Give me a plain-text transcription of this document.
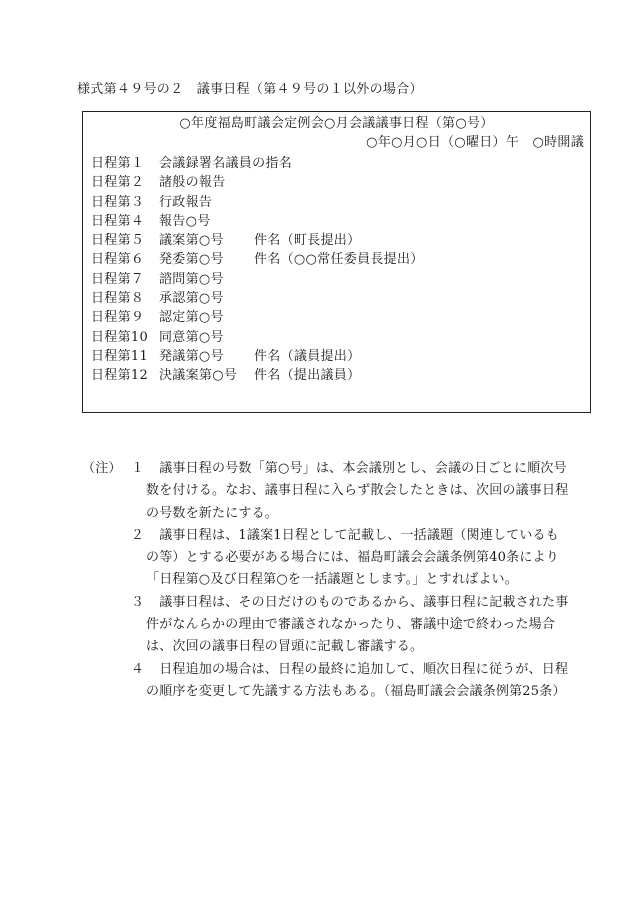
様式第４９号の２　議事日程（第４９号の１以外の場合）
○年度福島町議会定例会○月会議議事日程（第○号）
○年○月○日（○曜日）午　○時開議
日程第１ 会議録署名議員の指名
日程第２ 諸般の報告
日程第３ 行政報告
日程第４ 報告○号
日程第５ 議案第○号 件名（町長提出）
日程第６ 発委第○号 件名（○○常任委員長提出）
日程第７ 諮問第○号
日程第８ 承認第○号
日程第９ 認定第○号
日程第10 同意第○号
日程第11 発議第○号 件名（議員提出）
日程第12 決議案第○号 件名（提出議員）
（注） １　 議事日程の号数「第○号」は、本会議別とし、会議の日ごとに順次号数を付ける。なお、議事日程に入らず散会したときは、次回の議事日程の号数を新たにする。

２　 議事日程は、1議案1日程として記載し、一括議題（関連しているもの等）とする必要がある場合には、福島町議会会議条例第40条により「日程第○及び日程第○を一括議題とします。」とすればよい。

３　 議事日程は、その日だけのものであるから、議事日程に記載された事件がなんらかの理由で審議されなかったり、審議中途で終わった場合は、次回の議事日程の冒頭に記載し審議する。

４　 日程追加の場合は、日程の最終に追加して、順次日程に従うが、日程の順序を変更して先議する方法もある。（福島町議会会議条例第25条）
